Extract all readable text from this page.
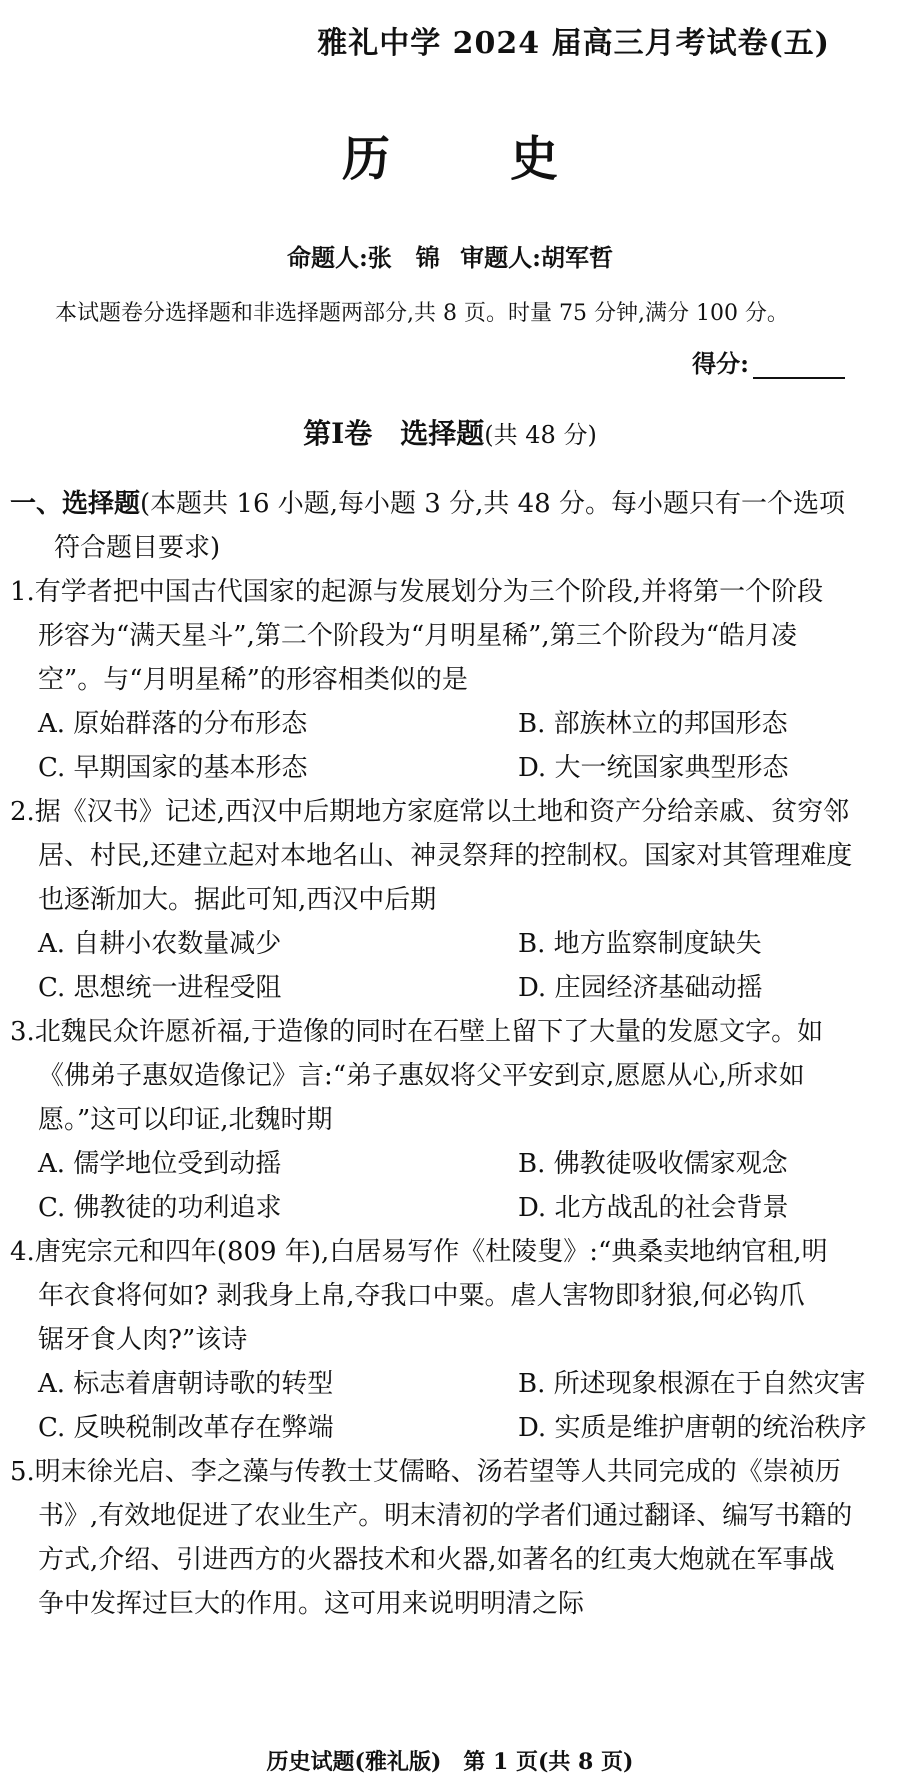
雅礼中学 2024 届高三月考试卷(五)
历史
命题人:张　锦 审题人:胡军哲
本试题卷分选择题和非选择题两部分,共 8 页。时量 75 分钟,满分 100 分。
得分:
第Ⅰ卷　选择题(共 48 分)
一、选择题(本题共 16 小题,每小题 3 分,共 48 分。每小题只有一个选项
符合题目要求)
1.有学者把中国古代国家的起源与发展划分为三个阶段,并将第一个阶段
形容为“满天星斗”,第二个阶段为“月明星稀”,第三个阶段为“皓月凌
空”。与“月明星稀”的形容相类似的是
A. 原始群落的分布形态	B. 部族林立的邦国形态
C. 早期国家的基本形态	D. 大一统国家典型形态
2.据《汉书》记述,西汉中后期地方家庭常以土地和资产分给亲戚、贫穷邻
居、村民,还建立起对本地名山、神灵祭拜的控制权。国家对其管理难度
也逐渐加大。据此可知,西汉中后期
A. 自耕小农数量减少	B. 地方监察制度缺失
C. 思想统一进程受阻	D. 庄园经济基础动摇
3.北魏民众许愿祈福,于造像的同时在石壁上留下了大量的发愿文字。如
《佛弟子惠奴造像记》言:“弟子惠奴将父平安到京,愿愿从心,所求如
愿。”这可以印证,北魏时期
A. 儒学地位受到动摇	B. 佛教徒吸收儒家观念
C. 佛教徒的功利追求	D. 北方战乱的社会背景
4.唐宪宗元和四年(809 年),白居易写作《杜陵叟》:“典桑卖地纳官租,明
年衣食将何如? 剥我身上帛,夺我口中粟。虐人害物即豺狼,何必钩爪
锯牙食人肉?”该诗
A. 标志着唐朝诗歌的转型	B. 所述现象根源在于自然灾害
C. 反映税制改革存在弊端	D. 实质是维护唐朝的统治秩序
5.明末徐光启、李之藻与传教士艾儒略、汤若望等人共同完成的《崇祯历
书》,有效地促进了农业生产。明末清初的学者们通过翻译、编写书籍的
方式,介绍、引进西方的火器技术和火器,如著名的红夷大炮就在军事战
争中发挥过巨大的作用。这可用来说明明清之际
历史试题(雅礼版)　第 1 页(共 8 页)
